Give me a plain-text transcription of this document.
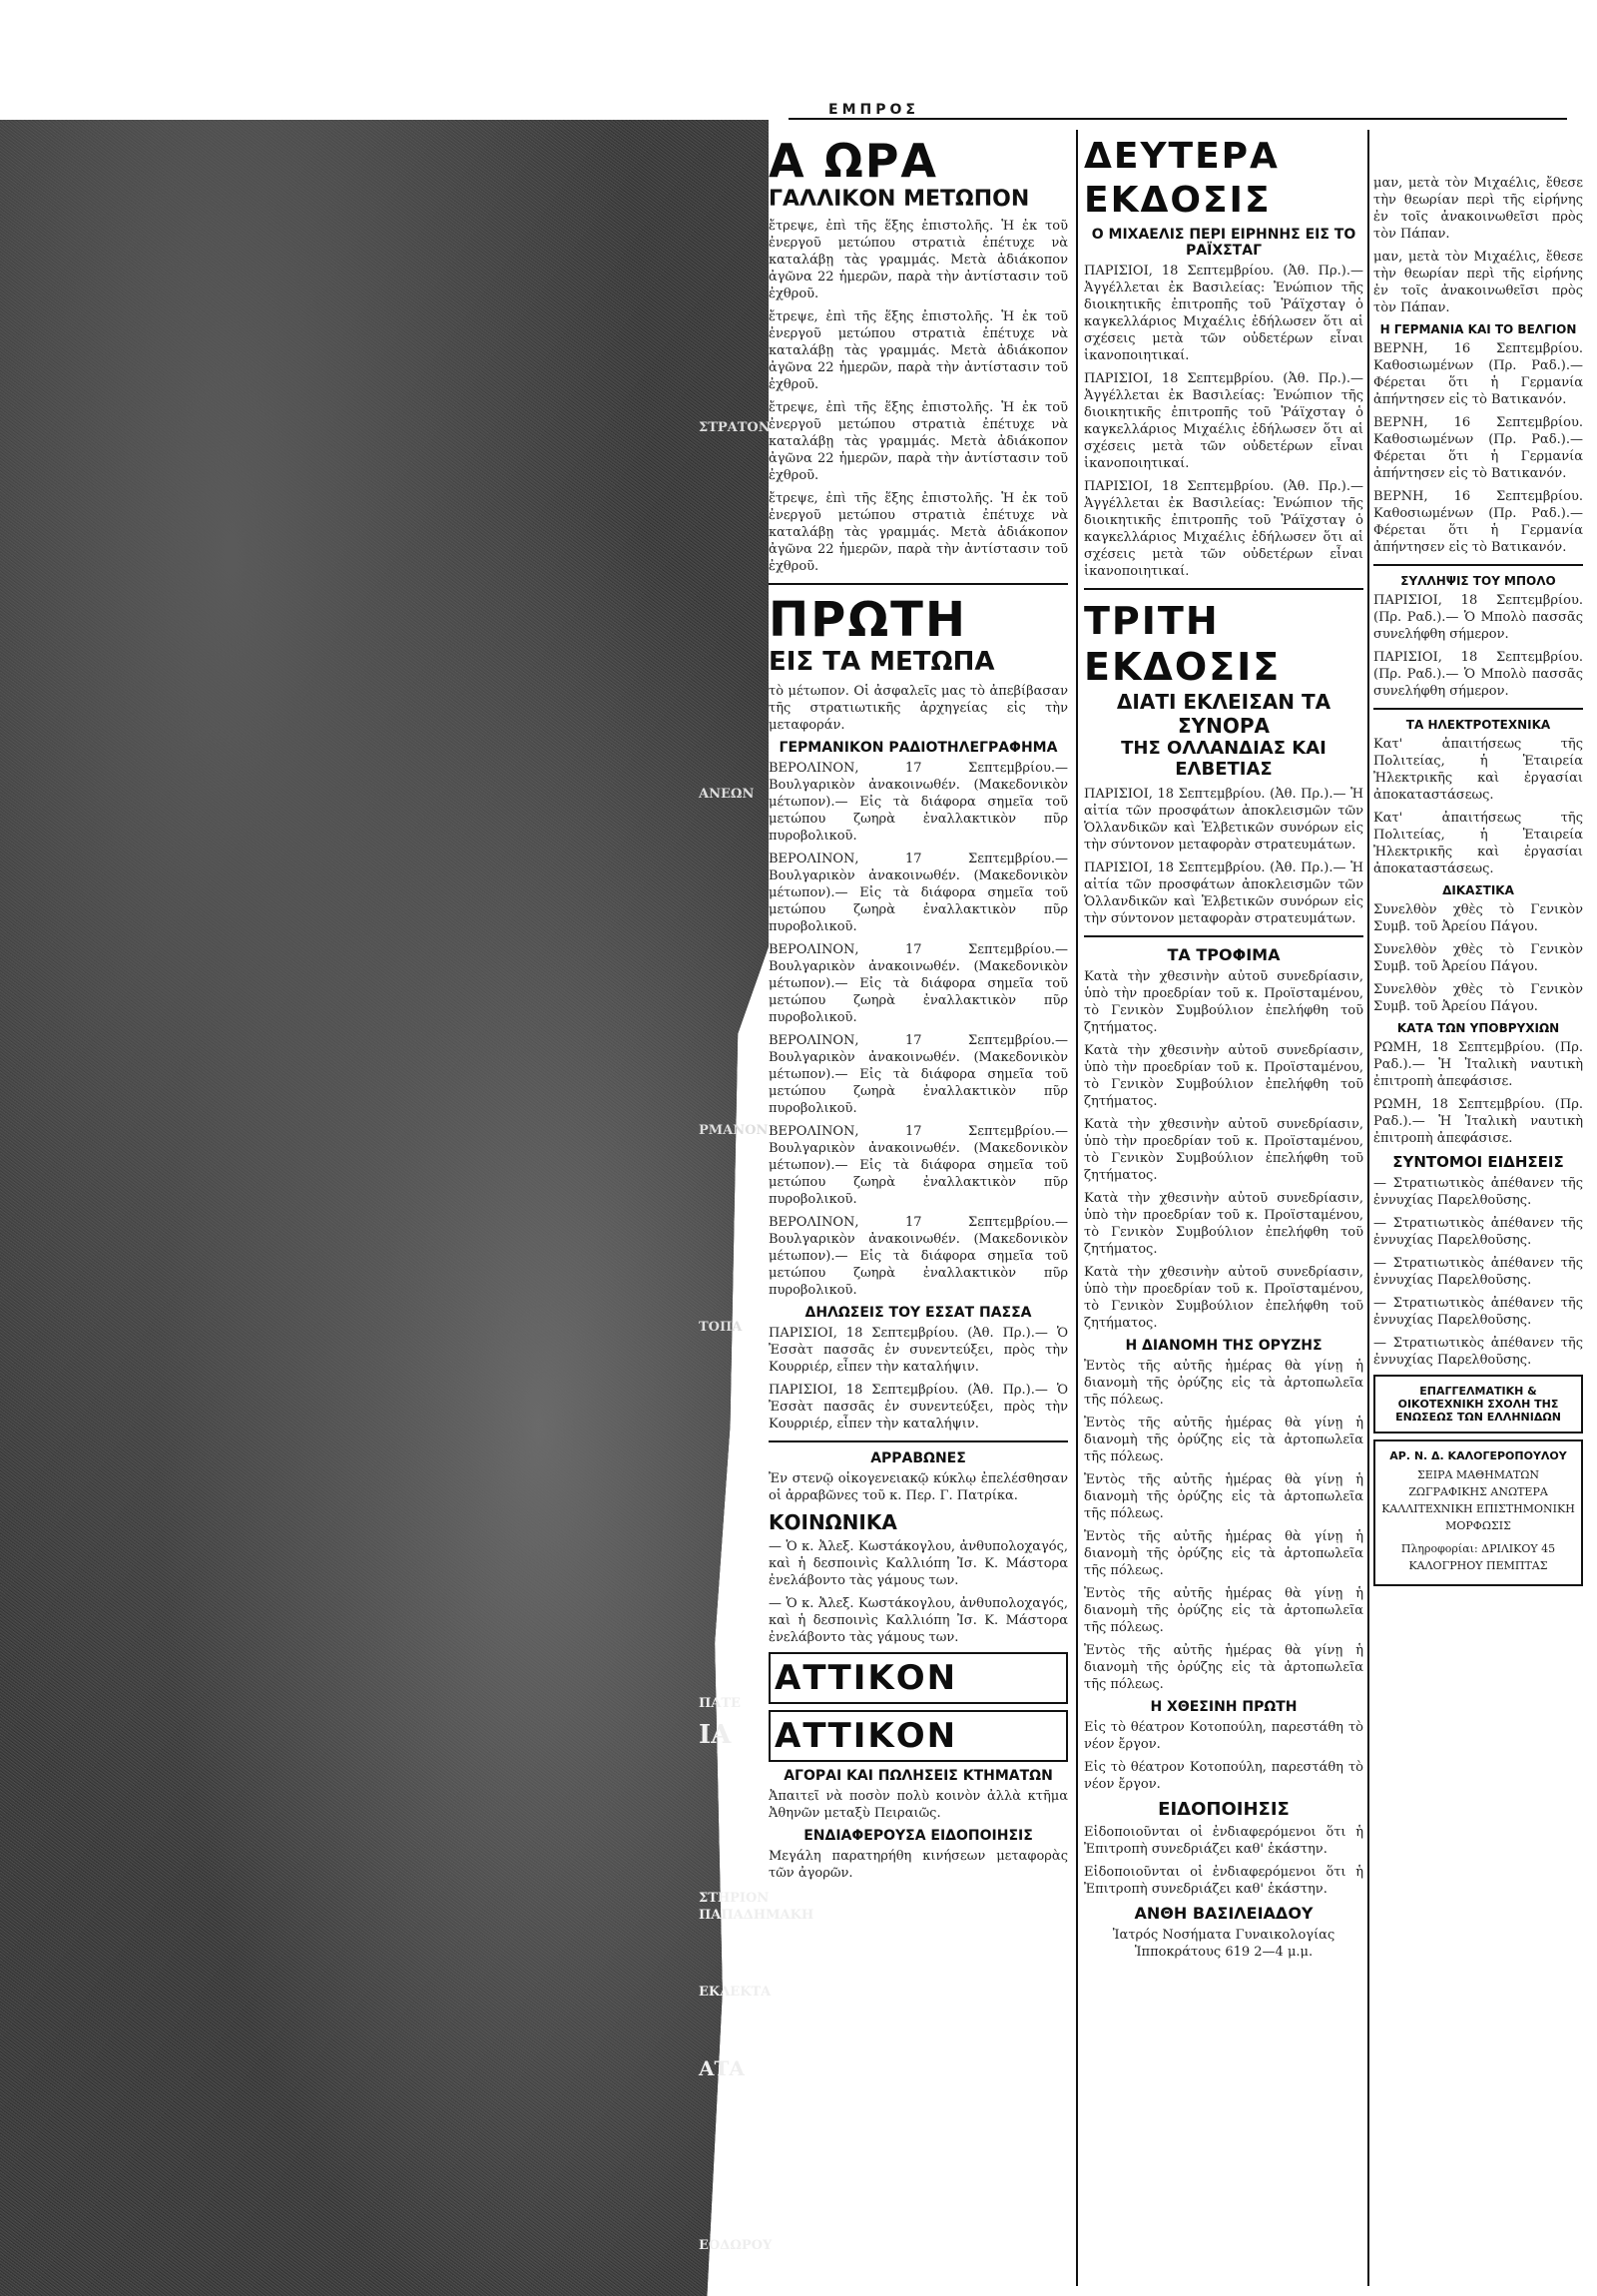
ΣΤΡΑΤΟΝ
ΑΝΕΩΝ
ΡΜΑΝΟΝ
ΤΟΠΑ
ΠΑΤΕ
ΙΑ
ΣΤΗΡΙΟΝ ΠΑΠΑΔΗΜΑΚΗ
ΕΚΛΕΚΤΑ
ΑΤΑ
ΕΟΔΩΡΟΥ
ΕΜΠΡΟΣ
Α ΩΡΑ
ΓΑΛΛΙΚΟΝ ΜΕΤΩΠΟΝ

ἔτρεψε, ἐπὶ τῆς ἕξης ἐπιστολῆς. Ἡ ἐκ τοῦ ἐνεργοῦ μετώπου στρατιὰ ἐπέτυχε νὰ καταλάβῃ τὰς γραμμάς. Μετὰ ἀδιάκοπον ἀγῶνα 22 ἡμερῶν, παρὰ τὴν ἀντίστασιν τοῦ ἐχθροῦ.

ἔτρεψε, ἐπὶ τῆς ἕξης ἐπιστολῆς. Ἡ ἐκ τοῦ ἐνεργοῦ μετώπου στρατιὰ ἐπέτυχε νὰ καταλάβῃ τὰς γραμμάς. Μετὰ ἀδιάκοπον ἀγῶνα 22 ἡμερῶν, παρὰ τὴν ἀντίστασιν τοῦ ἐχθροῦ.

ἔτρεψε, ἐπὶ τῆς ἕξης ἐπιστολῆς. Ἡ ἐκ τοῦ ἐνεργοῦ μετώπου στρατιὰ ἐπέτυχε νὰ καταλάβῃ τὰς γραμμάς. Μετὰ ἀδιάκοπον ἀγῶνα 22 ἡμερῶν, παρὰ τὴν ἀντίστασιν τοῦ ἐχθροῦ.

ἔτρεψε, ἐπὶ τῆς ἕξης ἐπιστολῆς. Ἡ ἐκ τοῦ ἐνεργοῦ μετώπου στρατιὰ ἐπέτυχε νὰ καταλάβῃ τὰς γραμμάς. Μετὰ ἀδιάκοπον ἀγῶνα 22 ἡμερῶν, παρὰ τὴν ἀντίστασιν τοῦ ἐχθροῦ.

ΠΡΩΤΗ
ΕΙΣ ΤΑ ΜΕΤΩΠΑ

τὸ μέτωπον. Οἱ ἀσφαλεῖς μας τὸ ἀπεβίβασαν τῆς στρατιωτικῆς ἀρχηγείας εἰς τὴν μεταφοράν.

ΓΕΡΜΑΝΙΚΟΝ ΡΑΔΙΟΤΗΛΕΓΡΑΦΗΜΑ

ΒΕΡΟΛΙΝΟΝ, 17 Σεπτεμβρίου.— Βουλγαρικὸν ἀνακοινωθέν. (Μακεδονικὸν μέτωπον).— Εἰς τὰ διάφορα σημεῖα τοῦ μετώπου ζωηρὰ ἐναλλακτικὸν πῦρ πυροβολικοῦ.

ΒΕΡΟΛΙΝΟΝ, 17 Σεπτεμβρίου.— Βουλγαρικὸν ἀνακοινωθέν. (Μακεδονικὸν μέτωπον).— Εἰς τὰ διάφορα σημεῖα τοῦ μετώπου ζωηρὰ ἐναλλακτικὸν πῦρ πυροβολικοῦ.

ΒΕΡΟΛΙΝΟΝ, 17 Σεπτεμβρίου.— Βουλγαρικὸν ἀνακοινωθέν. (Μακεδονικὸν μέτωπον).— Εἰς τὰ διάφορα σημεῖα τοῦ μετώπου ζωηρὰ ἐναλλακτικὸν πῦρ πυροβολικοῦ.

ΒΕΡΟΛΙΝΟΝ, 17 Σεπτεμβρίου.— Βουλγαρικὸν ἀνακοινωθέν. (Μακεδονικὸν μέτωπον).— Εἰς τὰ διάφορα σημεῖα τοῦ μετώπου ζωηρὰ ἐναλλακτικὸν πῦρ πυροβολικοῦ.

ΒΕΡΟΛΙΝΟΝ, 17 Σεπτεμβρίου.— Βουλγαρικὸν ἀνακοινωθέν. (Μακεδονικὸν μέτωπον).— Εἰς τὰ διάφορα σημεῖα τοῦ μετώπου ζωηρὰ ἐναλλακτικὸν πῦρ πυροβολικοῦ.

ΒΕΡΟΛΙΝΟΝ, 17 Σεπτεμβρίου.— Βουλγαρικὸν ἀνακοινωθέν. (Μακεδονικὸν μέτωπον).— Εἰς τὰ διάφορα σημεῖα τοῦ μετώπου ζωηρὰ ἐναλλακτικὸν πῦρ πυροβολικοῦ.

ΔΗΛΩΣΕΙΣ ΤΟΥ ΕΣΣΑΤ ΠΑΣΣΑ

ΠΑΡΙΣΙΟΙ, 18 Σεπτεμβρίου. (Ἀθ. Πρ.).— Ὁ Ἐσσὰτ πασσᾶς ἐν συνεντεύξει, πρὸς τὴν Κουρριέρ, εἶπεν τὴν καταλήψιν.

ΠΑΡΙΣΙΟΙ, 18 Σεπτεμβρίου. (Ἀθ. Πρ.).— Ὁ Ἐσσὰτ πασσᾶς ἐν συνεντεύξει, πρὸς τὴν Κουρριέρ, εἶπεν τὴν καταλήψιν.

ΑΡΡΑΒΩΝΕΣ

Ἐν στενῷ οἰκογενειακῷ κύκλῳ ἐπελέσθησαν οἱ ἀρραβῶνες τοῦ κ. Περ. Γ. Πατρίκα.

ΚΟΙΝΩΝΙΚΑ

— Ὁ κ. Ἀλεξ. Κωστάκογλου, ἀνθυπολοχαγός, καὶ ἡ δεσποινὶς Καλλιόπη Ἰσ. Κ. Μάστορα ἐνελάβοντο τὰς γάμους των.

— Ὁ κ. Ἀλεξ. Κωστάκογλου, ἀνθυπολοχαγός, καὶ ἡ δεσποινὶς Καλλιόπη Ἰσ. Κ. Μάστορα ἐνελάβοντο τὰς γάμους των.

ΑΤΤΙΚΟΝ
ΑΤΤΙΚΟΝ
ΑΓΟΡΑΙ ΚΑΙ ΠΩΛΗΣΕΙΣ ΚΤΗΜΑΤΩΝ

Ἀπαιτεῖ νὰ ποσὸν πολὺ κοινὸν ἀλλὰ κτῆμα Ἀθηνῶν μεταξὺ Πειραιῶς.

ΕΝΔΙΑΦΕΡΟΥΣΑ ΕΙΔΟΠΟΙΗΣΙΣ

Μεγάλη παρατηρήθη κινήσεων μεταφορὰς τῶν ἀγορῶν.

ΔΕΥΤΕΡΑ ΕΚΔΟΣΙΣ
Ο ΜΙΧΑΕΛΙΣ ΠΕΡΙ ΕΙΡΗΝΗΣ ΕΙΣ ΤΟ ΡΑΪΧΣΤΑΓ

ΠΑΡΙΣΙΟΙ, 18 Σεπτεμβρίου. (Ἀθ. Πρ.).— Ἀγγέλλεται ἐκ Βασιλείας: Ἐνώπιον τῆς διοικητικῆς ἐπιτροπῆς τοῦ Ῥάϊχσταγ ὁ καγκελλάριος Μιχαέλις ἐδήλωσεν ὅτι αἱ σχέσεις μετὰ τῶν οὐδετέρων εἶναι ἱκανοποιητικαί.

ΠΑΡΙΣΙΟΙ, 18 Σεπτεμβρίου. (Ἀθ. Πρ.).— Ἀγγέλλεται ἐκ Βασιλείας: Ἐνώπιον τῆς διοικητικῆς ἐπιτροπῆς τοῦ Ῥάϊχσταγ ὁ καγκελλάριος Μιχαέλις ἐδήλωσεν ὅτι αἱ σχέσεις μετὰ τῶν οὐδετέρων εἶναι ἱκανοποιητικαί.

ΠΑΡΙΣΙΟΙ, 18 Σεπτεμβρίου. (Ἀθ. Πρ.).— Ἀγγέλλεται ἐκ Βασιλείας: Ἐνώπιον τῆς διοικητικῆς ἐπιτροπῆς τοῦ Ῥάϊχσταγ ὁ καγκελλάριος Μιχαέλις ἐδήλωσεν ὅτι αἱ σχέσεις μετὰ τῶν οὐδετέρων εἶναι ἱκανοποιητικαί.

ΤΡΙΤΗ ΕΚΔΟΣΙΣ
ΔΙΑΤΙ ΕΚΛΕΙΣΑΝ ΤΑ ΣΥΝΟΡΑ
ΤΗΣ ΟΛΛΑΝΔΙΑΣ ΚΑΙ ΕΛΒΕΤΙΑΣ

ΠΑΡΙΣΙΟΙ, 18 Σεπτεμβρίου. (Ἀθ. Πρ.).— Ἡ αἰτία τῶν προσφάτων ἀποκλεισμῶν τῶν Ὁλλανδικῶν καὶ Ἑλβετικῶν συνόρων εἰς τὴν σύντονον μεταφορὰν στρατευμάτων.

ΠΑΡΙΣΙΟΙ, 18 Σεπτεμβρίου. (Ἀθ. Πρ.).— Ἡ αἰτία τῶν προσφάτων ἀποκλεισμῶν τῶν Ὁλλανδικῶν καὶ Ἑλβετικῶν συνόρων εἰς τὴν σύντονον μεταφορὰν στρατευμάτων.

ΤΑ ΤΡΟΦΙΜΑ

Κατὰ τὴν χθεσινὴν αὐτοῦ συνεδρίασιν, ὑπὸ τὴν προεδρίαν τοῦ κ. Προϊσταμένου, τὸ Γενικὸν Συμβούλιον ἐπελήφθη τοῦ ζητήματος.

Κατὰ τὴν χθεσινὴν αὐτοῦ συνεδρίασιν, ὑπὸ τὴν προεδρίαν τοῦ κ. Προϊσταμένου, τὸ Γενικὸν Συμβούλιον ἐπελήφθη τοῦ ζητήματος.

Κατὰ τὴν χθεσινὴν αὐτοῦ συνεδρίασιν, ὑπὸ τὴν προεδρίαν τοῦ κ. Προϊσταμένου, τὸ Γενικὸν Συμβούλιον ἐπελήφθη τοῦ ζητήματος.

Κατὰ τὴν χθεσινὴν αὐτοῦ συνεδρίασιν, ὑπὸ τὴν προεδρίαν τοῦ κ. Προϊσταμένου, τὸ Γενικὸν Συμβούλιον ἐπελήφθη τοῦ ζητήματος.

Κατὰ τὴν χθεσινὴν αὐτοῦ συνεδρίασιν, ὑπὸ τὴν προεδρίαν τοῦ κ. Προϊσταμένου, τὸ Γενικὸν Συμβούλιον ἐπελήφθη τοῦ ζητήματος.

Η ΔΙΑΝΟΜΗ ΤΗΣ ΟΡΥΖΗΣ

Ἐντὸς τῆς αὐτῆς ἡμέρας θὰ γίνῃ ἡ διανομὴ τῆς ὀρύζης εἰς τὰ ἀρτοπωλεῖα τῆς πόλεως.

Ἐντὸς τῆς αὐτῆς ἡμέρας θὰ γίνῃ ἡ διανομὴ τῆς ὀρύζης εἰς τὰ ἀρτοπωλεῖα τῆς πόλεως.

Ἐντὸς τῆς αὐτῆς ἡμέρας θὰ γίνῃ ἡ διανομὴ τῆς ὀρύζης εἰς τὰ ἀρτοπωλεῖα τῆς πόλεως.

Ἐντὸς τῆς αὐτῆς ἡμέρας θὰ γίνῃ ἡ διανομὴ τῆς ὀρύζης εἰς τὰ ἀρτοπωλεῖα τῆς πόλεως.

Ἐντὸς τῆς αὐτῆς ἡμέρας θὰ γίνῃ ἡ διανομὴ τῆς ὀρύζης εἰς τὰ ἀρτοπωλεῖα τῆς πόλεως.

Ἐντὸς τῆς αὐτῆς ἡμέρας θὰ γίνῃ ἡ διανομὴ τῆς ὀρύζης εἰς τὰ ἀρτοπωλεῖα τῆς πόλεως.

Η ΧΘΕΣΙΝΗ ΠΡΩΤΗ

Εἰς τὸ θέατρον Κοτοπούλη, παρεστάθη τὸ νέον ἔργον.

Εἰς τὸ θέατρον Κοτοπούλη, παρεστάθη τὸ νέον ἔργον.

ΕΙΔΟΠΟΙΗΣΙΣ

Εἰδοποιοῦνται οἱ ἐνδιαφερόμενοι ὅτι ἡ Ἐπιτροπὴ συνεδριάζει καθ' ἑκάστην.

Εἰδοποιοῦνται οἱ ἐνδιαφερόμενοι ὅτι ἡ Ἐπιτροπὴ συνεδριάζει καθ' ἑκάστην.

ΑΝΘΗ ΒΑΣΙΛΕΙΑΔΟΥ

Ἰατρός Νοσήματα Γυναικολογίας Ἱπποκράτους 619 2—4 μ.μ.

μαν, μετὰ τὸν Μιχαέλις, ἔθεσε τὴν θεωρίαν περὶ τῆς εἰρήνης ἐν τοῖς ἀνακοινωθεῖσι πρὸς τὸν Πάπαν.

μαν, μετὰ τὸν Μιχαέλις, ἔθεσε τὴν θεωρίαν περὶ τῆς εἰρήνης ἐν τοῖς ἀνακοινωθεῖσι πρὸς τὸν Πάπαν.

Η ΓΕΡΜΑΝΙΑ ΚΑΙ ΤΟ ΒΕΛΓΙΟΝ

ΒΕΡΝΗ, 16 Σεπτεμβρίου. Καθοσιωμένων (Πρ. Ραδ.).— Φέρεται ὅτι ἡ Γερμανία ἀπήντησεν εἰς τὸ Βατικανόν.

ΒΕΡΝΗ, 16 Σεπτεμβρίου. Καθοσιωμένων (Πρ. Ραδ.).— Φέρεται ὅτι ἡ Γερμανία ἀπήντησεν εἰς τὸ Βατικανόν.

ΒΕΡΝΗ, 16 Σεπτεμβρίου. Καθοσιωμένων (Πρ. Ραδ.).— Φέρεται ὅτι ἡ Γερμανία ἀπήντησεν εἰς τὸ Βατικανόν.

ΣΥΛΛΗΨΙΣ ΤΟΥ ΜΠΟΛΟ

ΠΑΡΙΣΙΟΙ, 18 Σεπτεμβρίου. (Πρ. Ραδ.).— Ὁ Μπολὸ πασσᾶς συνελήφθη σήμερον.

ΠΑΡΙΣΙΟΙ, 18 Σεπτεμβρίου. (Πρ. Ραδ.).— Ὁ Μπολὸ πασσᾶς συνελήφθη σήμερον.

ΤΑ ΗΛΕΚΤΡΟΤΕΧΝΙΚΑ

Κατ' ἀπαιτήσεως τῆς Πολιτείας, ἡ Ἑταιρεία Ἠλεκτρικῆς καὶ ἐργασίαι ἀποκαταστάσεως.

Κατ' ἀπαιτήσεως τῆς Πολιτείας, ἡ Ἑταιρεία Ἠλεκτρικῆς καὶ ἐργασίαι ἀποκαταστάσεως.

ΔΙΚΑΣΤΙΚΑ

Συνελθὸν χθὲς τὸ Γενικὸν Συμβ. τοῦ Ἀρείου Πάγου.

Συνελθὸν χθὲς τὸ Γενικὸν Συμβ. τοῦ Ἀρείου Πάγου.

Συνελθὸν χθὲς τὸ Γενικὸν Συμβ. τοῦ Ἀρείου Πάγου.

ΚΑΤΑ ΤΩΝ ΥΠΟΒΡΥΧΙΩΝ

ΡΩΜΗ, 18 Σεπτεμβρίου. (Πρ. Ραδ.).— Ἡ Ἰταλικὴ ναυτικὴ ἐπιτροπὴ ἀπεφάσισε.

ΡΩΜΗ, 18 Σεπτεμβρίου. (Πρ. Ραδ.).— Ἡ Ἰταλικὴ ναυτικὴ ἐπιτροπὴ ἀπεφάσισε.

ΣΥΝΤΟΜΟΙ ΕΙΔΗΣΕΙΣ

— Στρατιωτικὸς ἀπέθανεν τῆς ἐννυχίας Παρελθοῦσης.

— Στρατιωτικὸς ἀπέθανεν τῆς ἐννυχίας Παρελθοῦσης.

— Στρατιωτικὸς ἀπέθανεν τῆς ἐννυχίας Παρελθοῦσης.

— Στρατιωτικὸς ἀπέθανεν τῆς ἐννυχίας Παρελθοῦσης.

— Στρατιωτικὸς ἀπέθανεν τῆς ἐννυχίας Παρελθοῦσης.

ΕΠΑΓΓΕΛΜΑΤΙΚΗ & ΟΙΚΟΤΕΧΝΙΚΗ ΣΧΟΛΗ ΤΗΣ ΕΝΩΣΕΩΣ ΤΩΝ ΕΛΛΗΝΙΔΩΝ
ΑΡ. Ν. Δ. ΚΑΛΟΓΕΡΟΠΟΥΛΟΥ

ΣΕΙΡΑ ΜΑΘΗΜΑΤΩΝ ΖΩΓΡΑΦΙΚΗΣ ΑΝΩΤΕΡΑ ΚΑΛΛΙΤΕΧΝΙΚΗ ΕΠΙΣΤΗΜΟΝΙΚΗ ΜΟΡΦΩΣΙΣ

Πληροφορίαι: ΔΡΙΛΙΚΟΥ 45 ΚΑΛΟΓΡΗΟΥ ΠΕΜΠΤΑΣ
